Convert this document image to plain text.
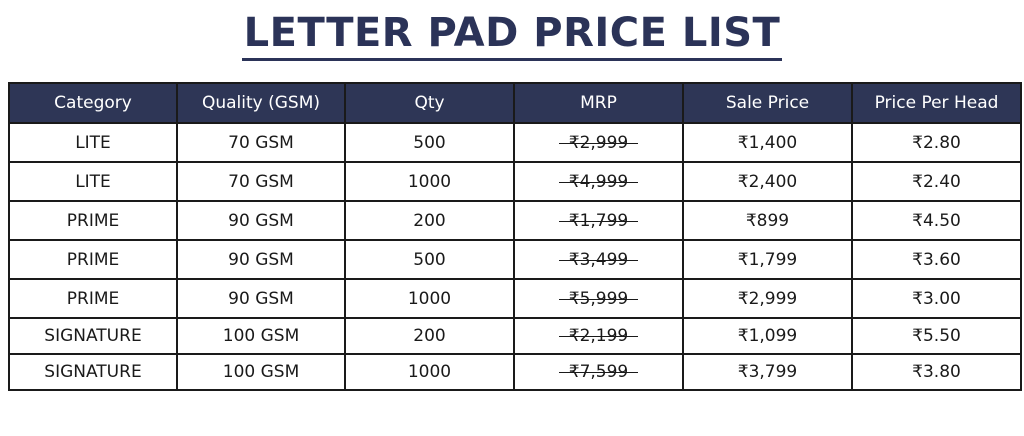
LETTER PAD PRICE LIST
Category	Quality (GSM)	Qty	MRP	Sale Price	Price Per Head
LITE	70 GSM	500	₹2,999	₹1,400	₹2.80
LITE	70 GSM	1000	₹4,999	₹2,400	₹2.40
PRIME	90 GSM	200	₹1,799	₹899	₹4.50
PRIME	90 GSM	500	₹3,499	₹1,799	₹3.60
PRIME	90 GSM	1000	₹5,999	₹2,999	₹3.00
SIGNATURE	100 GSM	200	₹2,199	₹1,099	₹5.50
SIGNATURE	100 GSM	1000	₹7,599	₹3,799	₹3.80
